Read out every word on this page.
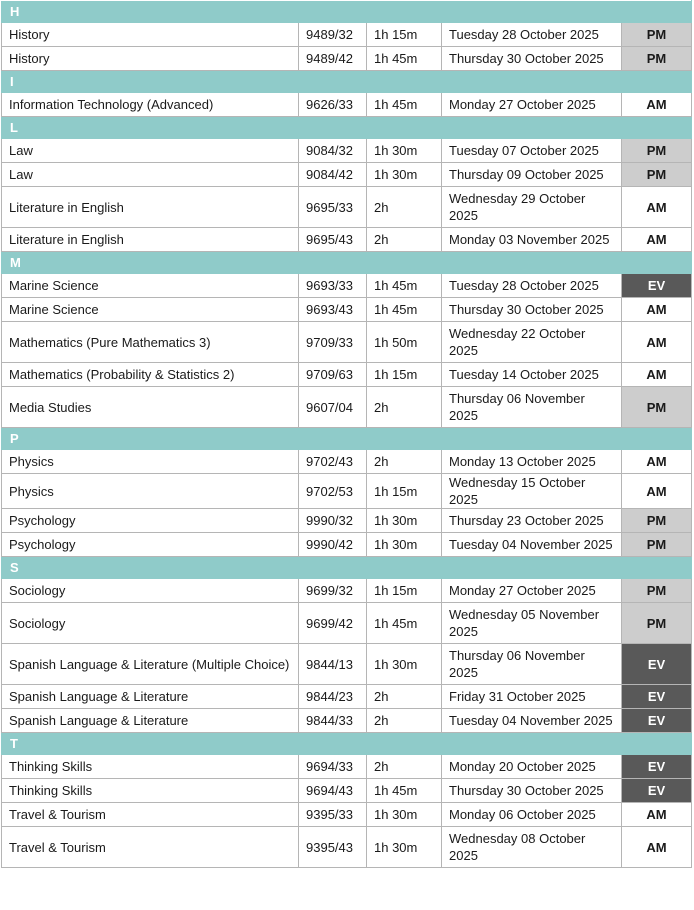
H				
History	9489/32	1h 15m	Tuesday 28 October 2025	PM
History	9489/42	1h 45m	Thursday 30 October 2025	PM
I				
Information Technology (Advanced)	9626/33	1h 45m	Monday 27 October 2025	AM
L				
Law	9084/32	1h 30m	Tuesday 07 October 2025	PM
Law	9084/42	1h 30m	Thursday 09 October 2025	PM
Literature in English	9695/33	2h	Wednesday 29 October 2025	AM
Literature in English	9695/43	2h	Monday 03 November 2025	AM
M				
Marine Science	9693/33	1h 45m	Tuesday 28 October 2025	EV
Marine Science	9693/43	1h 45m	Thursday 30 October 2025	AM
Mathematics (Pure Mathematics 3)	9709/33	1h 50m	Wednesday 22 October 2025	AM
Mathematics (Probability & Statistics 2)	9709/63	1h 15m	Tuesday 14 October 2025	AM
Media Studies	9607/04	2h	Thursday 06 November 2025	PM
P				
Physics	9702/43	2h	Monday 13 October 2025	AM
Physics	9702/53	1h 15m	Wednesday 15 October 2025	AM
Psychology	9990/32	1h 30m	Thursday 23 October 2025	PM
Psychology	9990/42	1h 30m	Tuesday 04 November 2025	PM
S				
Sociology	9699/32	1h 15m	Monday 27 October 2025	PM
Sociology	9699/42	1h 45m	Wednesday 05 November 2025	PM
Spanish Language & Literature (Multiple Choice)	9844/13	1h 30m	Thursday 06 November 2025	EV
Spanish Language & Literature	9844/23	2h	Friday 31 October 2025	EV
Spanish Language & Literature	9844/33	2h	Tuesday 04 November 2025	EV
T				
Thinking Skills	9694/33	2h	Monday 20 October 2025	EV
Thinking Skills	9694/43	1h 45m	Thursday 30 October 2025	EV
Travel & Tourism	9395/33	1h 30m	Monday 06 October 2025	AM
Travel & Tourism	9395/43	1h 30m	Wednesday 08 October 2025	AM
